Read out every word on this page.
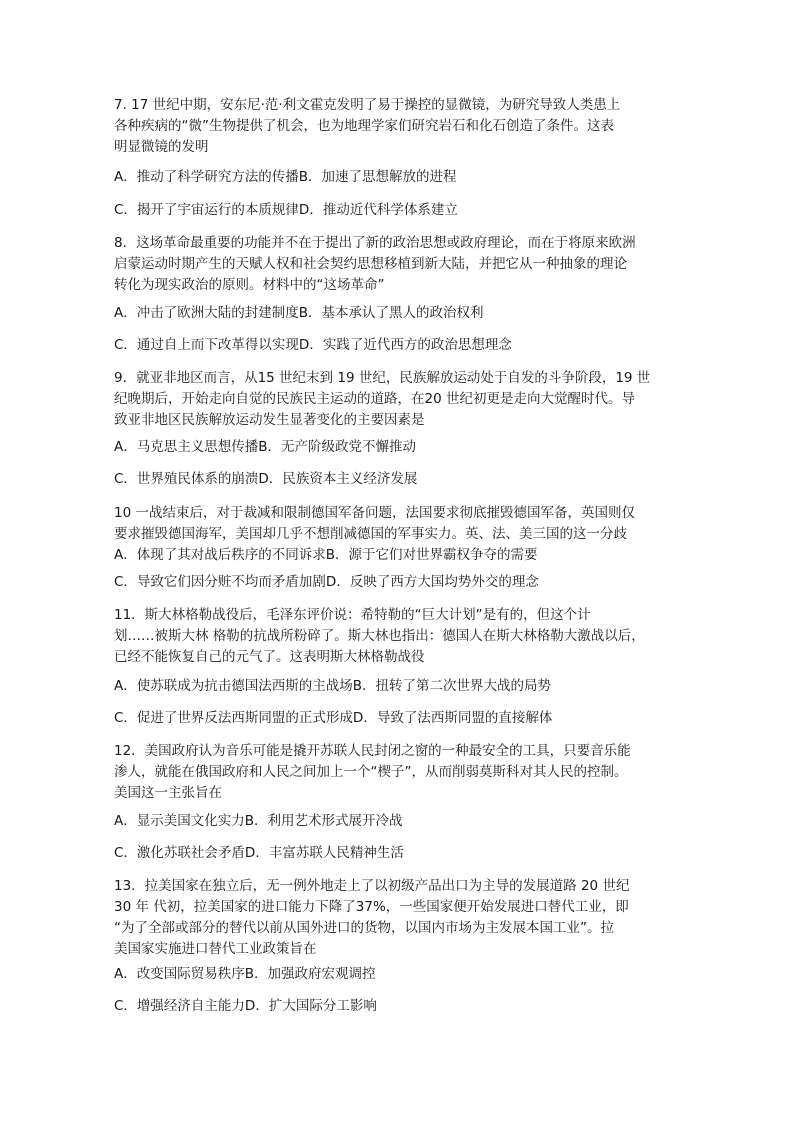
7. 17 世纪中期，安东尼·范·利文霍克发明了易于操控的显微镜，为研究导致人类患上
各种疾病的“微”生物提供了机会，也为地理学家们研究岩石和化石创造了条件。这表
明显微镜的发明
A．推动了科学研究方法的传播B．加速了思想解放的进程
C．揭开了宇宙运行的本质规律D．推动近代科学体系建立
8．这场革命最重要的功能并不在于提出了新的政治思想或政府理论，而在于将原来欧洲
启蒙运动时期产生的天赋人权和社会契约思想移植到新大陆，并把它从一种抽象的理论
转化为现实政治的原则。材料中的“这场革命”
A．冲击了欧洲大陆的封建制度B．基本承认了黑人的政治权利
C．通过自上而下改革得以实现D．实践了近代西方的政治思想理念
9．就亚非地区而言，从15 世纪末到 19 世纪，民族解放运动处于自发的斗争阶段，19 世
纪晚期后，开始走向自觉的民族民主运动的道路，在20 世纪初更是走向大觉醒时代。导
致亚非地区民族解放运动发生显著变化的主要因素是
A．马克思主义思想传播B．无产阶级政党不懈推动
C．世界殖民体系的崩溃D．民族资本主义经济发展
10 一战结束后，对于裁减和限制德国军备问题，法国要求彻底摧毁德国军备，英国则仅
要求摧毁德国海军，美国却几乎不想削减德国的军事实力。英、法、美三国的这一分歧
A．体现了其对战后秩序的不同诉求B．源于它们对世界霸权争夺的需要
C．导致它们因分赃不均而矛盾加剧D．反映了西方大国均势外交的理念
11．斯大林格勒战役后，毛泽东评价说：希特勒的“巨大计划”是有的，但这个计
划……被斯大林 格勒的抗战所粉碎了。斯大林也指出：德国人在斯大林格勒大激战以后，
已经不能恢复自己的元气了。这表明斯大林格勒战役
A．使苏联成为抗击德国法西斯的主战场B．扭转了第二次世界大战的局势
C．促进了世界反法西斯同盟的正式形成D．导致了法西斯同盟的直接解体
12．美国政府认为音乐可能是撬开苏联人民封闭之窗的一种最安全的工具，只要音乐能
渗人，就能在俄国政府和人民之间加上一个“楔子”，从而削弱莫斯科对其人民的控制。
美国这一主张旨在
A．显示美国文化实力B．利用艺术形式展开冷战
C．激化苏联社会矛盾D．丰富苏联人民精神生活
13．拉美国家在独立后，无一例外地走上了以初级产品出口为主导的发展道路 20 世纪
30 年 代初，拉美国家的进口能力下降了37%，一些国家便开始发展进口替代工业，即
“为了全部或部分的替代以前从国外进口的货物，以国内市场为主发展本国工业”。拉
美国家实施进口替代工业政策旨在
A．改变国际贸易秩序B．加强政府宏观调控
C．增强经济自主能力D．扩大国际分工影响
